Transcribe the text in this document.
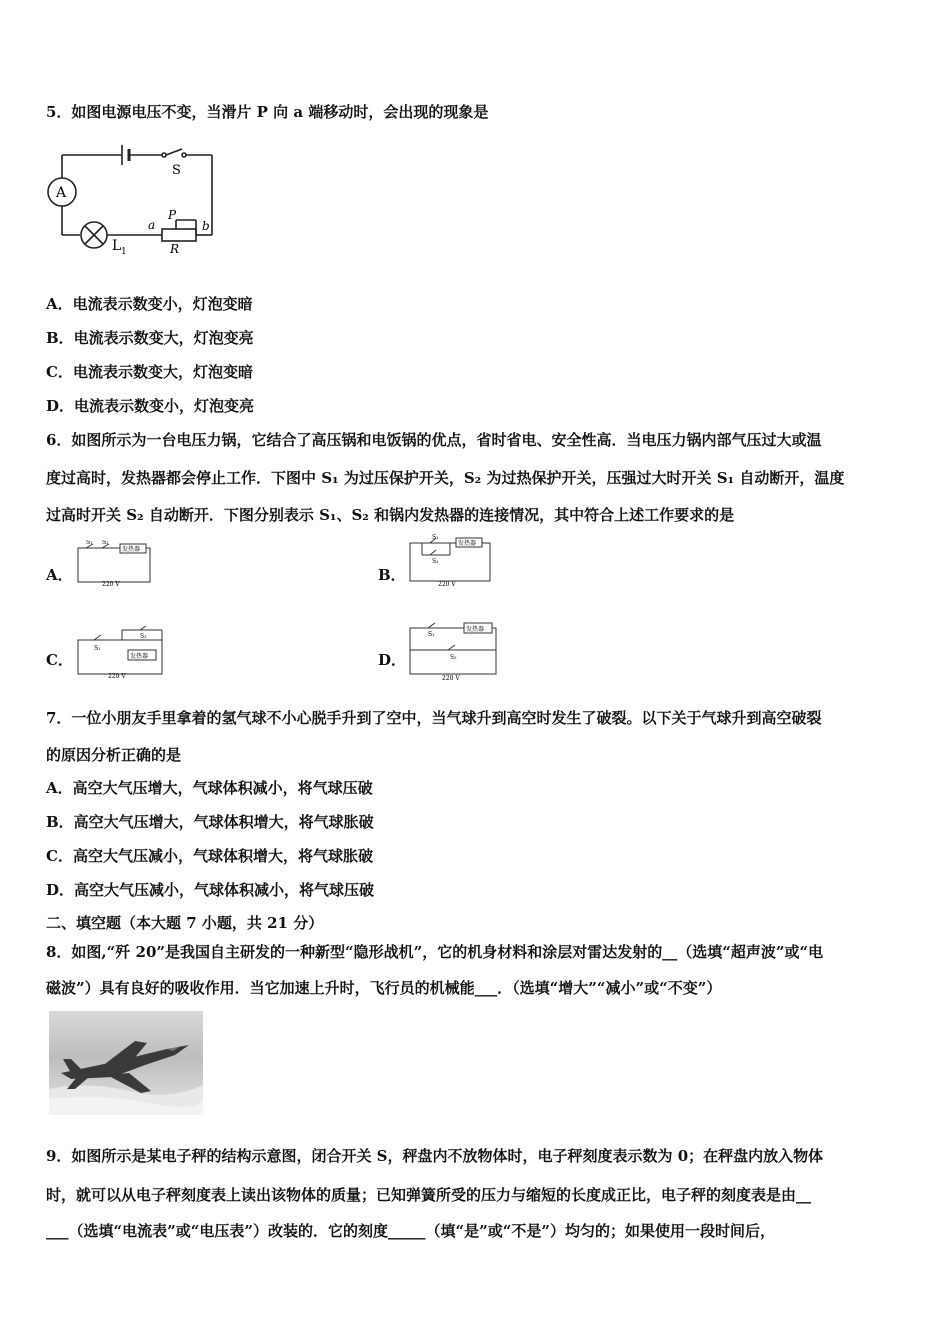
5．如图电源电压不变，当滑片 P 向 a 端移动时，会出现的现象是
A
S
L 1
P
a	b
R
A．电流表示数变小，灯泡变暗
B．电流表示数变大，灯泡变亮
C．电流表示数变大，灯泡变暗
D．电流表示数变小，灯泡变亮
6．如图所示为一台电压力锅，它结合了高压锅和电饭锅的优点，省时省电、安全性高．当电压力锅内部气压过大或温
度过高时，发热器都会停止工作．下图中 S₁ 为过压保护开关，S₂ 为过热保护开关，压强过大时开关 S₁ 自动断开，温度
过高时开关 S₂ 自动断开．下图分别表示 S₁、S₂ 和锅内发热器的连接情况，其中符合上述工作要求的是
A．
S₁ S₂
发热器
220 V
B．
S₁
S₂
发热器
220 V
C．
S₁
S₂
发热器
220 V
D．
S₁
S₂
发热器
220 V
7．一位小朋友手里拿着的氢气球不小心脱手升到了空中，当气球升到高空时发生了破裂。以下关于气球升到高空破裂
的原因分析正确的是
A．高空大气压增大，气球体积减小，将气球压破
B．高空大气压增大，气球体积增大，将气球胀破
C．高空大气压减小，气球体积增大，将气球胀破
D．高空大气压减小，气球体积减小，将气球压破
二、填空题（本大题 7 小题，共 21 分）
8．如图,“歼 20”是我国自主研发的一种新型“隐形战机”，它的机身材料和涂层对雷达发射的__（选填“超声波”或“电
磁波”）具有良好的吸收作用．当它加速上升时，飞行员的机械能___．（选填“增大”“减小”或“不变”）
9．如图所示是某电子秤的结构示意图，闭合开关 S，秤盘内不放物体时，电子秤刻度表示数为 0；在秤盘内放入物体
时，就可以从电子秤刻度表上读出该物体的质量；已知弹簧所受的压力与缩短的长度成正比，电子秤的刻度表是由__
___（选填“电流表”或“电压表”）改装的．它的刻度_____（填“是”或“不是”）均匀的；如果使用一段时间后，
